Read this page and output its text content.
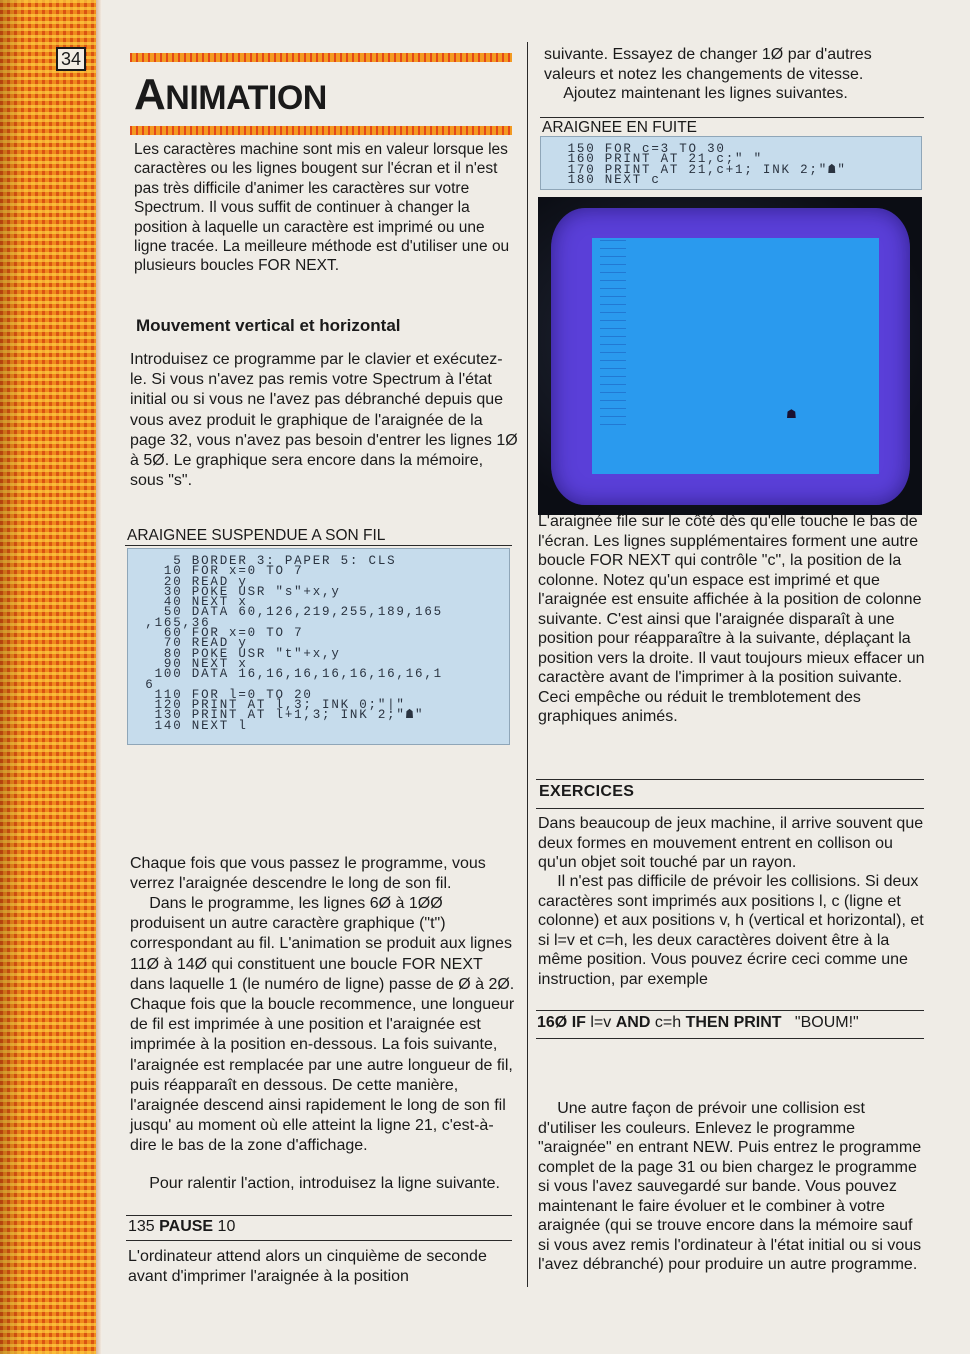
34
ANIMATION

Les caractères machine sont mis en valeur lorsque les caractères ou les lignes bougent sur l'écran et il n'est pas très difficile d'animer les caractères sur votre Spectrum. Il vous suffit de continuer à changer la position à laquelle un caractère est imprimé ou une ligne tracée. La meilleure méthode est d'utiliser une ou plusieurs boucles FOR NEXT.

Mouvement vertical et horizontal

Introduisez ce programme par le clavier et exécutez-le. Si vous n'avez pas remis votre Spectrum à l'état initial ou si vous ne l'avez pas débranché depuis que vous avez produit le graphique de l'araignée de la page 32, vous n'avez pas besoin d'entrer les lignes 1Ø à 5Ø. Le graphique sera encore dans la mémoire, sous "s".

ARAIGNEE SUSPENDUE A SON FIL
5 BORDER 3: PAPER 5: CLS
10 FOR x=0 TO 7
20 READ y
30 POKE USR "s"+x,y
40 NEXT x
50 DATA 60,126,219,255,189,165
,165,36
60 FOR x=0 TO 7
70 READ y
80 POKE USR "t"+x,y
90 NEXT x
100 DATA 16,16,16,16,16,16,16,1
6
110 FOR l=0 TO 20
120 PRINT AT l,3; INK 0;"|"
130 PRINT AT l+1,3; INK 2;"☗"
140 NEXT l

Chaque fois que vous passez le programme, vous verrez l'araignée descendre le long de son fil.

Dans le programme, les lignes 6Ø à 1ØØ produisent un autre caractère graphique ("t") correspondant au fil. L'animation se produit aux lignes 11Ø à 14Ø qui constituent une boucle FOR NEXT dans laquelle 1 (le numéro de ligne) passe de Ø à 2Ø. Chaque fois que la boucle recommence, une longueur de fil est imprimée à une position et l'araignée est imprimée à la position en-dessous. La fois suivante, l'araignée est remplacée par une autre longueur de fil, puis réapparaît en dessous. De cette manière, l'araignée descend ainsi rapidement le long de son fil jusqu' au moment où elle atteint la ligne 21, c'est-à-dire le bas de la zone d'affichage.

Pour ralentir l'action, introduisez la ligne suivante.

135 PAUSE 10

L'ordinateur attend alors un cinquième de seconde avant d'imprimer l'araignée à la position

suivante. Essayez de changer 1Ø par d'autres valeurs et notez les changements de vitesse.

Ajoutez maintenant les lignes suivantes.

ARAIGNEE EN FUITE
150 FOR c=3 TO 30
160 PRINT AT 21,c;" "
170 PRINT AT 21,c+1; INK 2;"☗"
180 NEXT c
☗

L'araignée file sur le côté dès qu'elle touche le bas de l'écran. Les lignes supplémentaires forment une autre boucle FOR NEXT qui contrôle "c", la position de la colonne. Notez qu'un espace est imprimé et que l'araignée est ensuite affichée à la position de colonne suivante. C'est ainsi que l'araignée disparaît à une position pour réapparaître à la suivante, déplaçant la position vers la droite. Il vaut toujours mieux effacer un caractère avant de l'imprimer à la position suivante. Ceci empêche ou réduit le tremblotement des graphiques animés.

EXERCICES

Dans beaucoup de jeux machine, il arrive souvent que deux formes en mouvement entrent en collison ou qu'un objet soit touché par un rayon.

Il n'est pas difficile de prévoir les collisions. Si deux caractères sont imprimés aux positions l, c (ligne et colonne) et aux positions v, h (vertical et horizontal), et si l=v et c=h, les deux caractères doivent être à la même position. Vous pouvez écrire ceci comme une instruction, par exemple

16Ø IF l=v AND c=h THEN PRINT "BOUM!"

Une autre façon de prévoir une collision est d'utiliser les couleurs. Enlevez le programme "araignée" en entrant NEW. Puis entrez le programme complet de la page 31 ou bien chargez le programme si vous l'avez sauvegardé sur bande. Vous pouvez maintenant le faire évoluer et le combiner à votre araignée (qui se trouve encore dans la mémoire sauf si vous avez remis l'ordinateur à l'état initial ou si vous l'avez débranché) pour produire un autre programme.
